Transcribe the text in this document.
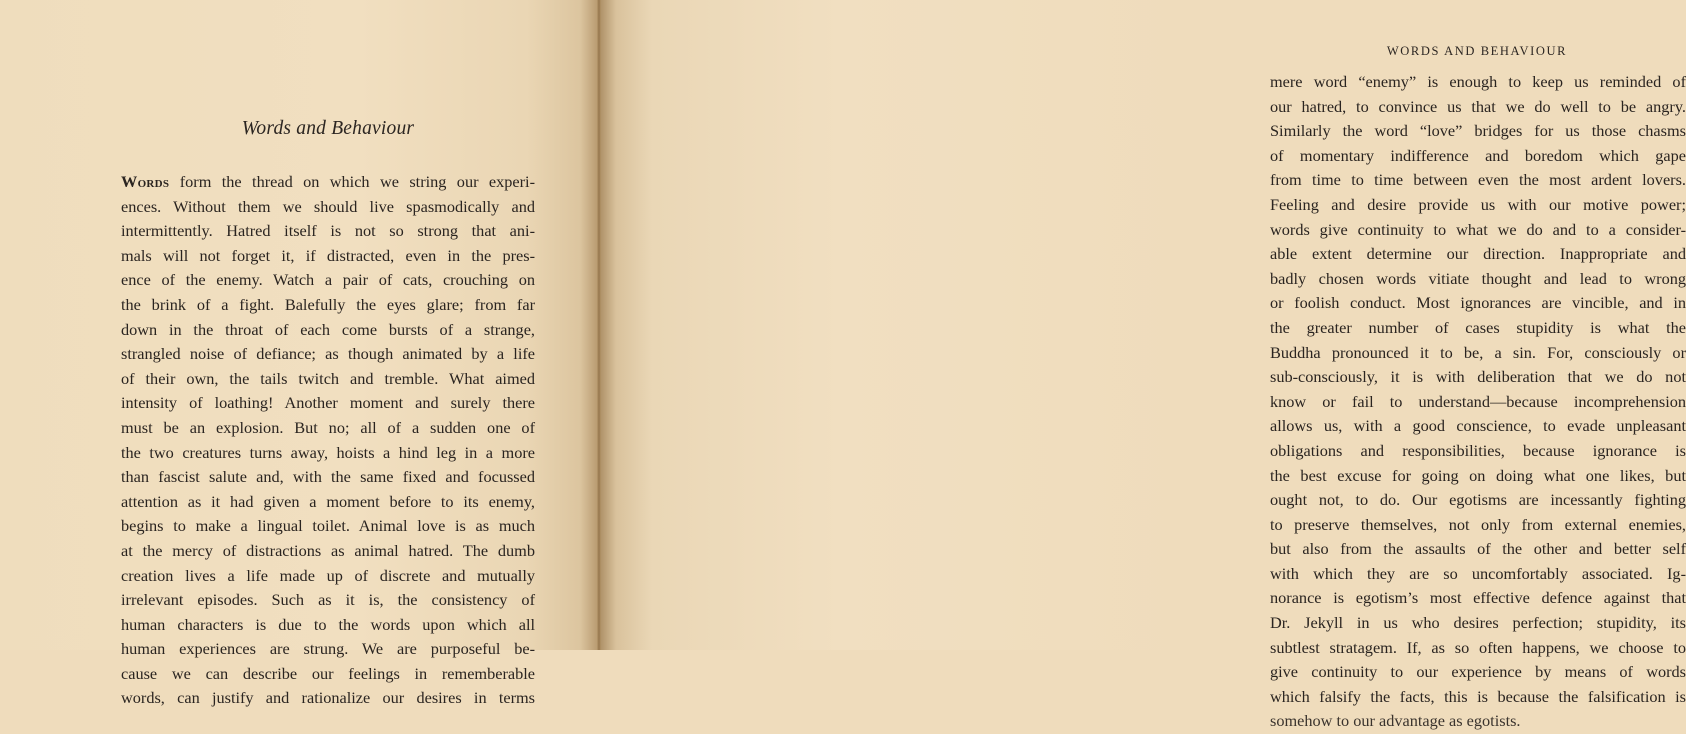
Words and Behaviour
Words form the thread on which we string our experi-
ences. Without them we should live spasmodically and
intermittently. Hatred itself is not so strong that ani-
mals will not forget it, if distracted, even in the pres-
ence of the enemy. Watch a pair of cats, crouching on
the brink of a fight. Balefully the eyes glare; from far
down in the throat of each come bursts of a strange,
strangled noise of defiance; as though animated by a life
of their own, the tails twitch and tremble. What aimed
intensity of loathing! Another moment and surely there
must be an explosion. But no; all of a sudden one of
the two creatures turns away, hoists a hind leg in a more
than fascist salute and, with the same fixed and focussed
attention as it had given a moment before to its enemy,
begins to make a lingual toilet. Animal love is as much
at the mercy of distractions as animal hatred. The dumb
creation lives a life made up of discrete and mutually
irrelevant episodes. Such as it is, the consistency of
human characters is due to the words upon which all
human experiences are strung. We are purposeful be-
cause we can describe our feelings in rememberable
words, can justify and rationalize our desires in terms
WORDS AND BEHAVIOUR
mere word “enemy” is enough to keep us reminded of
our hatred, to convince us that we do well to be angry.
Similarly the word “love” bridges for us those chasms
of momentary indifference and boredom which gape
from time to time between even the most ardent lovers.
Feeling and desire provide us with our motive power;
words give continuity to what we do and to a consider-
able extent determine our direction. Inappropriate and
badly chosen words vitiate thought and lead to wrong
or foolish conduct. Most ignorances are vincible, and in
the greater number of cases stupidity is what the
Buddha pronounced it to be, a sin. For, consciously or
sub-consciously, it is with deliberation that we do not
know or fail to understand—because incomprehension
allows us, with a good conscience, to evade unpleasant
obligations and responsibilities, because ignorance is
the best excuse for going on doing what one likes, but
ought not, to do. Our egotisms are incessantly fighting
to preserve themselves, not only from external enemies,
but also from the assaults of the other and better self
with which they are so uncomfortably associated. Ig-
norance is egotism’s most effective defence against that
Dr. Jekyll in us who desires perfection; stupidity, its
subtlest stratagem. If, as so often happens, we choose to
give continuity to our experience by means of words
which falsify the facts, this is because the falsification is
somehow to our advantage as egotists.
